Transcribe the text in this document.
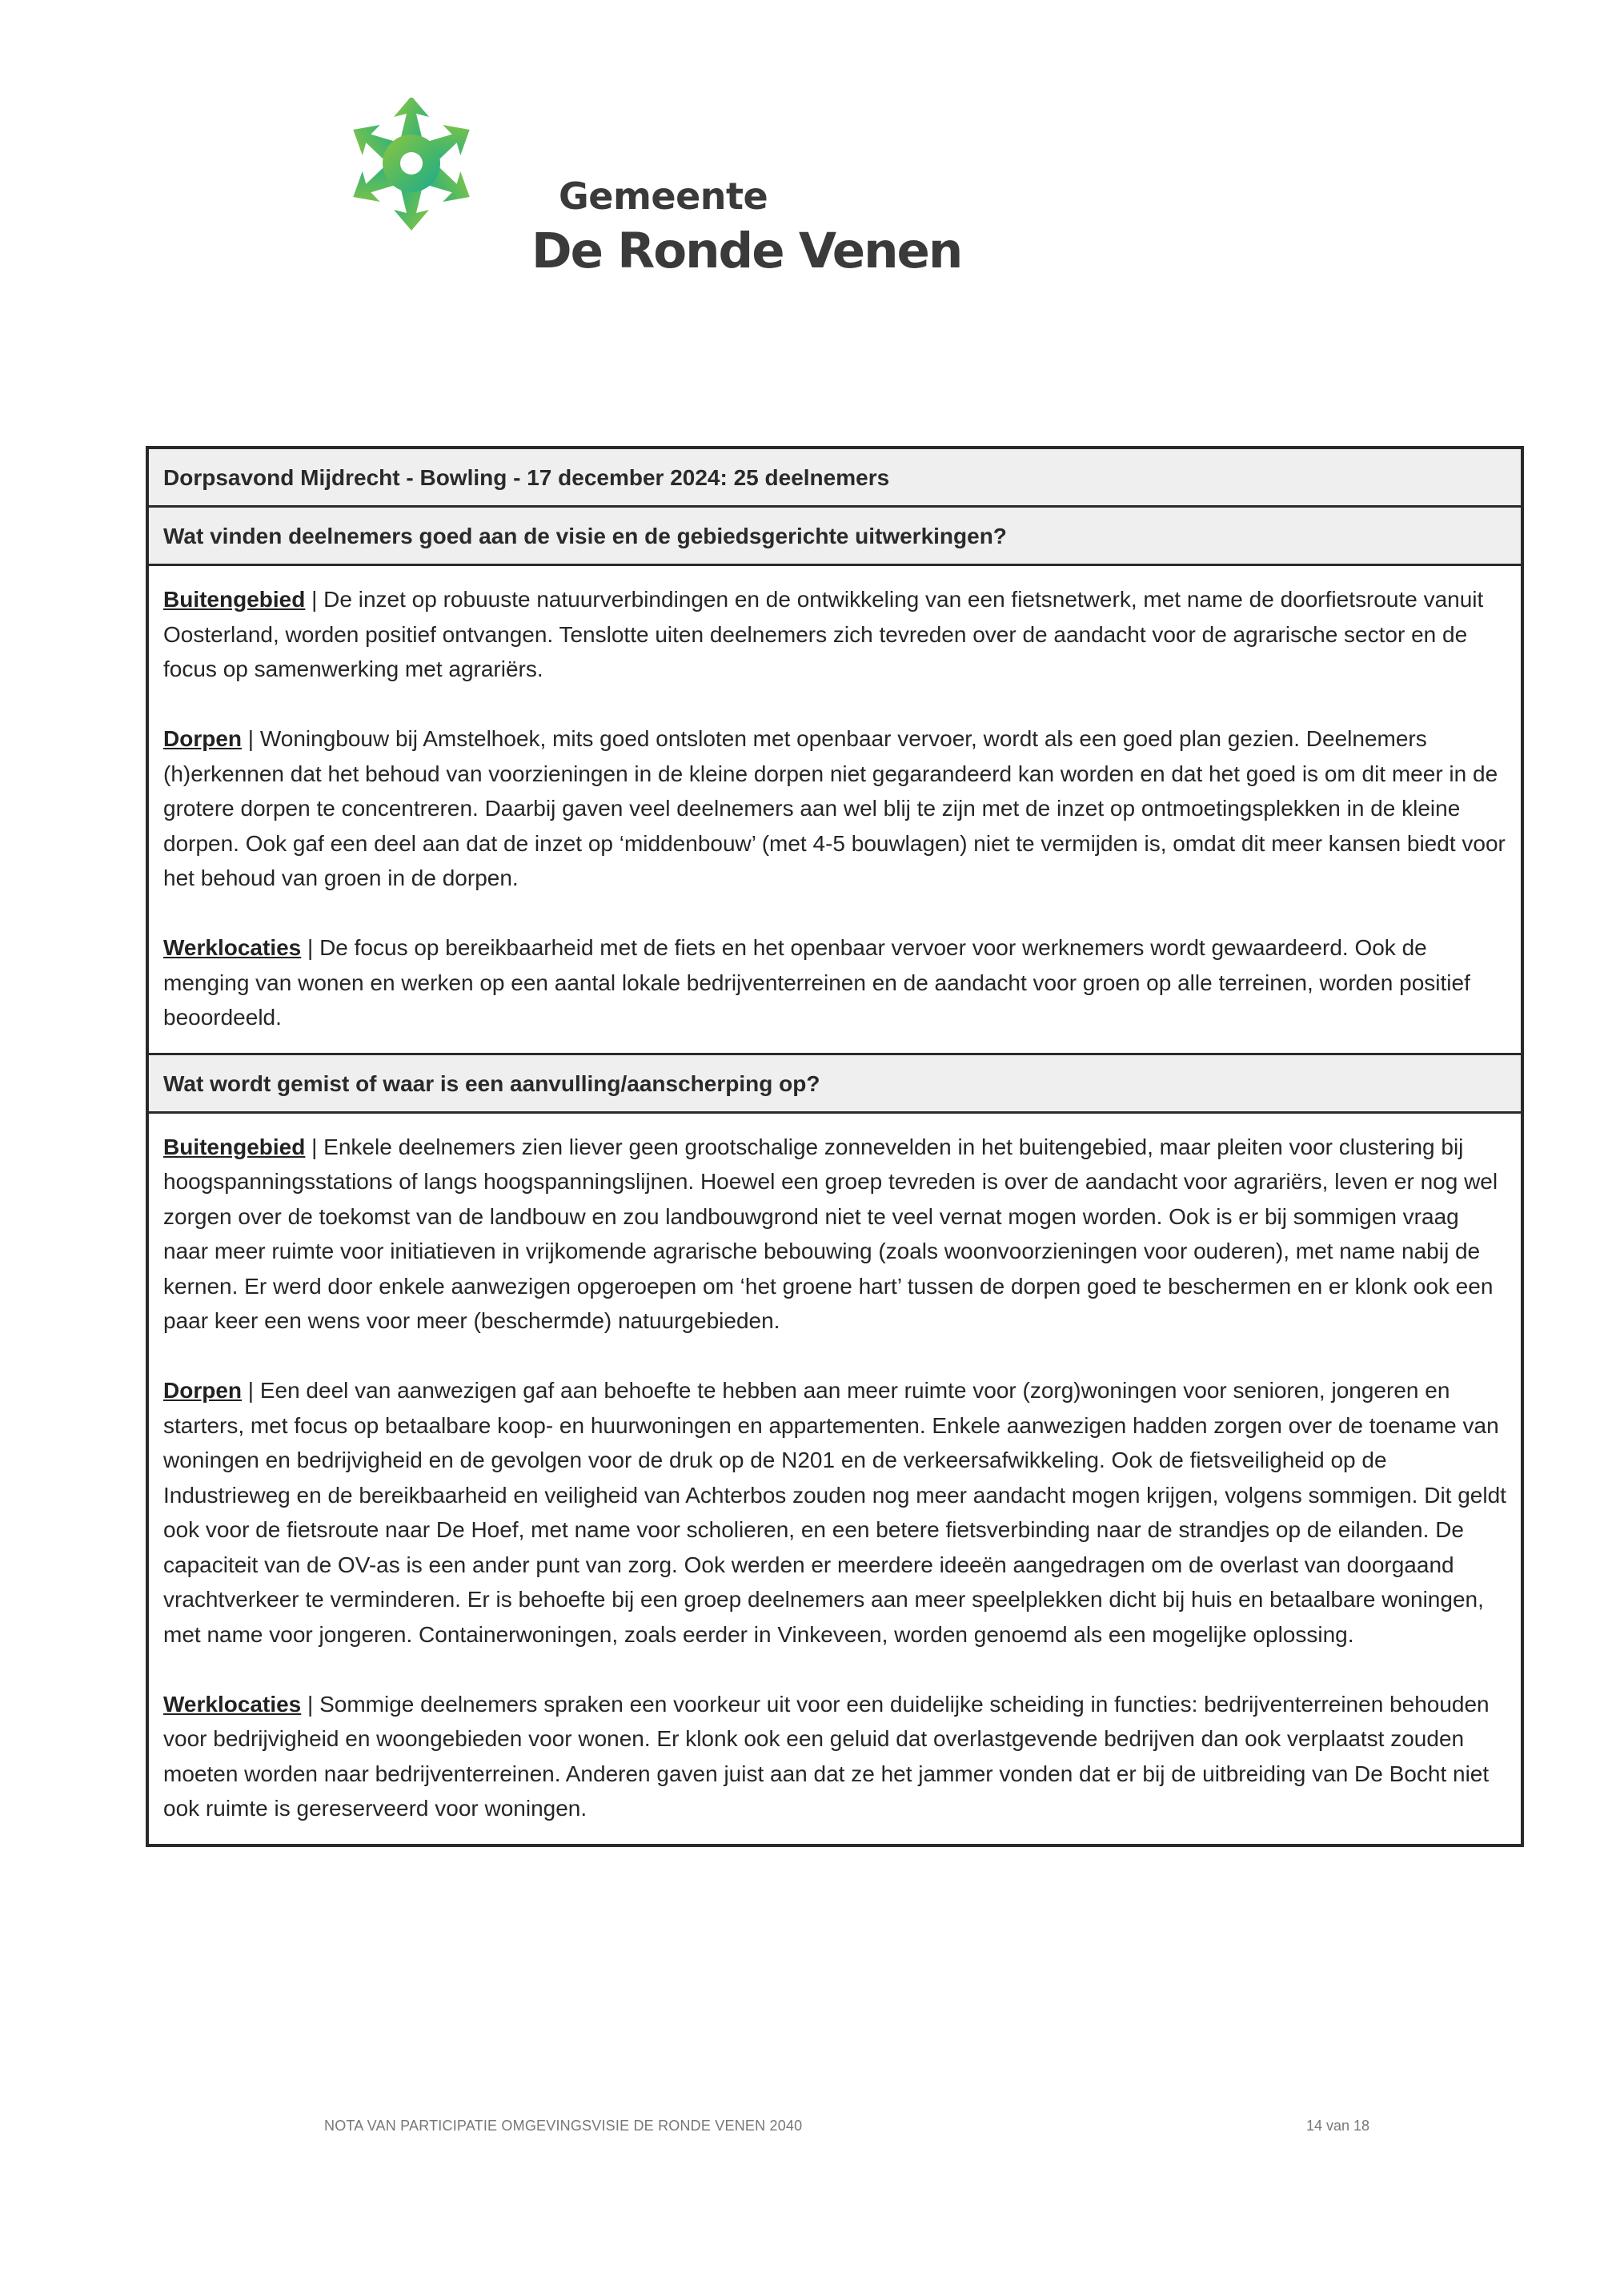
Gemeente
De Ronde Venen
Dorpsavond Mijdrecht - Bowling - 17 december 2024: 25 deelnemers
Wat vinden deelnemers goed aan de visie en de gebiedsgerichte uitwerkingen?

Buitengebied | De inzet op robuuste natuurverbindingen en de ontwikkeling van een fietsnetwerk, met name de doorfietsroute vanuit Oosterland, worden positief ontvangen. Tenslotte uiten deelnemers zich tevreden over de aandacht voor de agrarische sector en de focus op samenwerking met agrariërs.

Dorpen | Woningbouw bij Amstelhoek, mits goed ontsloten met openbaar vervoer, wordt als een goed plan gezien. Deelnemers (h)erkennen dat het behoud van voorzieningen in de kleine dorpen niet gegarandeerd kan worden en dat het goed is om dit meer in de grotere dorpen te concentreren. Daarbij gaven veel deelnemers aan wel blij te zijn met de inzet op ontmoetingsplekken in de kleine dorpen. Ook gaf een deel aan dat de inzet op ‘middenbouw’ (met 4-5 bouwlagen) niet te vermijden is, omdat dit meer kansen biedt voor het behoud van groen in de dorpen.

Werklocaties | De focus op bereikbaarheid met de fiets en het openbaar vervoer voor werknemers wordt gewaardeerd. Ook de menging van wonen en werken op een aantal lokale bedrijventerreinen en de aandacht voor groen op alle terreinen, worden positief beoordeeld.

Wat wordt gemist of waar is een aanvulling/aanscherping op?

Buitengebied | Enkele deelnemers zien liever geen grootschalige zonnevelden in het buitengebied, maar pleiten voor clustering bij hoogspanningsstations of langs hoogspanningslijnen. Hoewel een groep tevreden is over de aandacht voor agrariërs, leven er nog wel zorgen over de toekomst van de landbouw en zou landbouwgrond niet te veel vernat mogen worden. Ook is er bij sommigen vraag naar meer ruimte voor initiatieven in vrijkomende agrarische bebouwing (zoals woonvoorzieningen voor ouderen), met name nabij de kernen. Er werd door enkele aanwezigen opgeroepen om ‘het groene hart’ tussen de dorpen goed te beschermen en er klonk ook een paar keer een wens voor meer (beschermde) natuurgebieden.

Dorpen | Een deel van aanwezigen gaf aan behoefte te hebben aan meer ruimte voor (zorg)woningen voor senioren, jongeren en starters, met focus op betaalbare koop- en huurwoningen en appartementen. Enkele aanwezigen hadden zorgen over de toename van woningen en bedrijvigheid en de gevolgen voor de druk op de N201 en de verkeersafwikkeling. Ook de fietsveiligheid op de Industrieweg en de bereikbaarheid en veiligheid van Achterbos zouden nog meer aandacht mogen krijgen, volgens sommigen. Dit geldt ook voor de fietsroute naar De Hoef, met name voor scholieren, en een betere fietsverbinding naar de strandjes op de eilanden. De capaciteit van de OV-as is een ander punt van zorg. Ook werden er meerdere ideeën aangedragen om de overlast van doorgaand vrachtverkeer te verminderen. Er is behoefte bij een groep deelnemers aan meer speelplekken dicht bij huis en betaalbare woningen, met name voor jongeren. Containerwoningen, zoals eerder in Vinkeveen, worden genoemd als een mogelijke oplossing.

Werklocaties | Sommige deelnemers spraken een voorkeur uit voor een duidelijke scheiding in functies: bedrijventerreinen behouden voor bedrijvigheid en woongebieden voor wonen. Er klonk ook een geluid dat overlastgevende bedrijven dan ook verplaatst zouden moeten worden naar bedrijventerreinen. Anderen gaven juist aan dat ze het jammer vonden dat er bij de uitbreiding van De Bocht niet ook ruimte is gereserveerd voor woningen.

NOTA VAN PARTICIPATIE OMGEVINGSVISIE DE RONDE VENEN 2040	14 van 18
